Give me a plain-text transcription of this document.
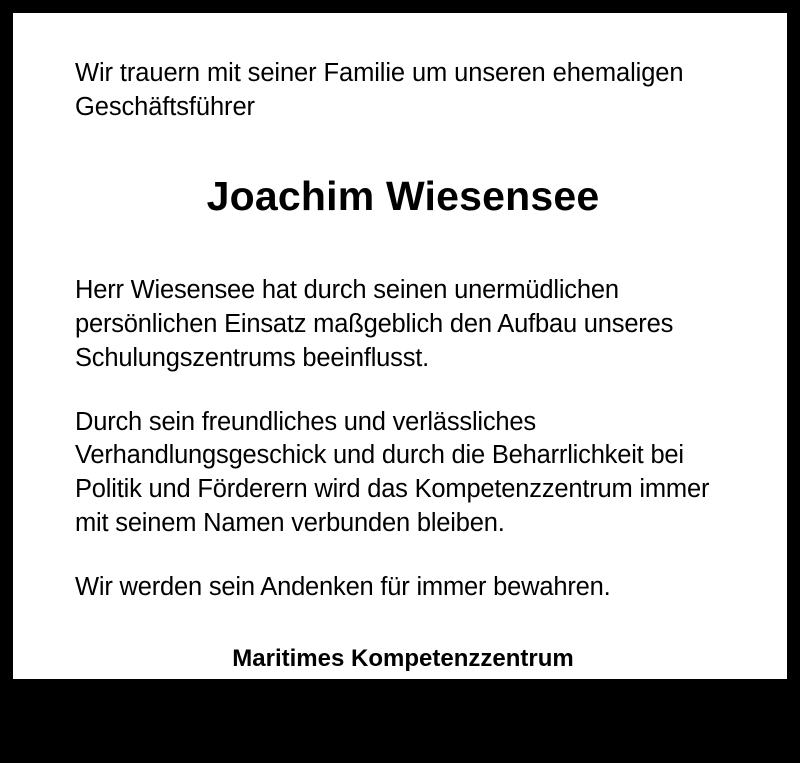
Wir trauern mit seiner Familie um unseren ehemaligen Geschäftsführer

Joachim Wiesensee

Herr Wiesensee hat durch seinen unermüdlichen persönlichen Einsatz maßgeblich den Aufbau unseres Schulungszentrums beeinflusst.

Durch sein freundliches und verlässliches Verhandlungsgeschick und durch die Beharrlichkeit bei Politik und Förderern wird das Kompetenzzentrum immer mit seinem Namen verbunden bleiben.

Wir werden sein Andenken für immer bewahren.

Maritimes Kompetenzzentrum
Elsfleth gGmbH
Gesellschafter – Geschäftsleitung - Mitarbeiter
